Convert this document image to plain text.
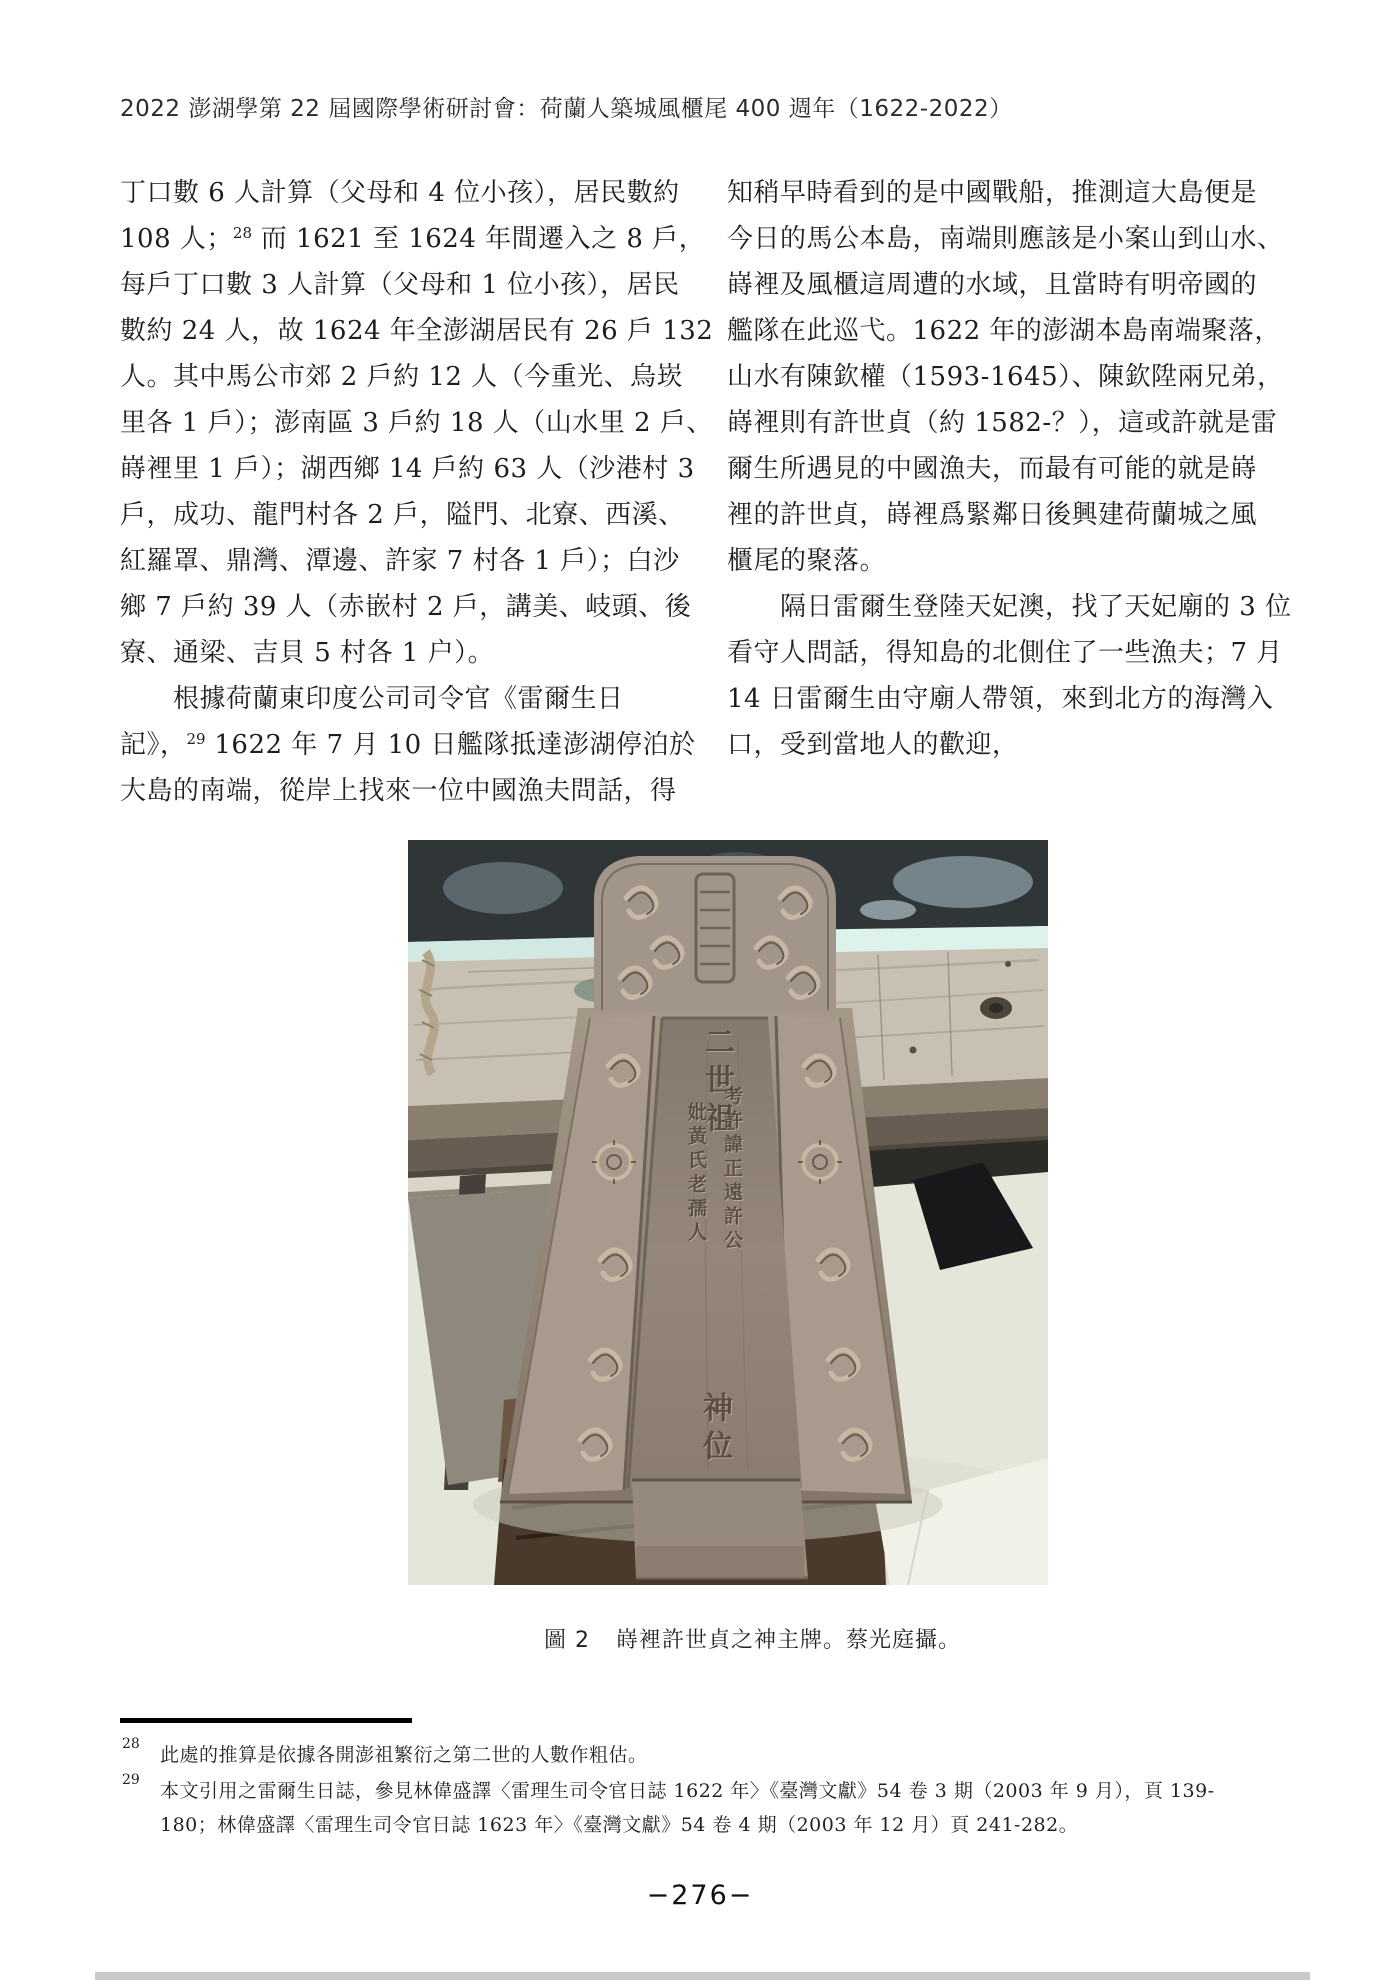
2022 澎湖學第 22 屆國際學術研討會：荷蘭人築城風櫃尾 400 週年（1622-2022）
丁口數 6 人計算（父母和 4 位小孩），居民數約
108 人；$^{28}$ 而 1621 至 1624 年間遷入之 8 戶，
每戶丁口數 3 人計算（父母和 1 位小孩），居民
數約 24 人，故 1624 年全澎湖居民有 26 戶 132
人。其中馬公市郊 2 戶約 12 人（今重光、烏崁
里各 1 戶）；澎南區 3 戶約 18 人（山水里 2 戶、
嵵裡里 1 戶）；湖西鄉 14 戶約 63 人（沙港村 3
戶，成功、龍門村各 2 戶，隘門、北寮、西溪、
紅羅罩、鼎灣、潭邊、許家 7 村各 1 戶）；白沙
鄉 7 戶約 39 人（赤嵌村 2 戶，講美、岐頭、後
寮、通梁、吉貝 5 村各 1 户）。
　　根據荷蘭東印度公司司令官《雷爾生日
記》，$^{29}$ 1622 年 7 月 10 日艦隊抵達澎湖停泊於
大島的南端，從岸上找來一位中國漁夫問話，得
知稍早時看到的是中國戰船，推測這大島便是
今日的馬公本島，南端則應該是小案山到山水、
嵵裡及風櫃這周遭的水域，且當時有明帝國的
艦隊在此巡弋。1622 年的澎湖本島南端聚落，
山水有陳欽權（1593-1645）、陳欽陞兩兄弟，
嵵裡則有許世貞（約 1582-？），這或許就是雷
爾生所遇見的中國漁夫，而最有可能的就是嵵
裡的許世貞，嵵裡爲緊鄰日後興建荷蘭城之風
櫃尾的聚落。
　　隔日雷爾生登陸天妃澳，找了天妃廟的 3 位
看守人問話，得知島的北側住了一些漁夫；7 月
14 日雷爾生由守廟人帶領，來到北方的海灣入
口，受到當地人的歡迎，
二世祖
考許諱正遠許公
妣黃氏老孺人
神位

圖 2 嵵裡許世貞之神主牌。蔡光庭攝。

28 此處的推算是依據各開澎祖繁衍之第二世的人數作粗估。
29 本文引用之雷爾生日誌，參見林偉盛譯〈雷理生司令官日誌 1622 年〉《臺灣文獻》54 卷 3 期（2003 年 9 月），頁 139-
180；林偉盛譯〈雷理生司令官日誌 1623 年〉《臺灣文獻》54 卷 4 期（2003 年 12 月）頁 241-282。
−276−
